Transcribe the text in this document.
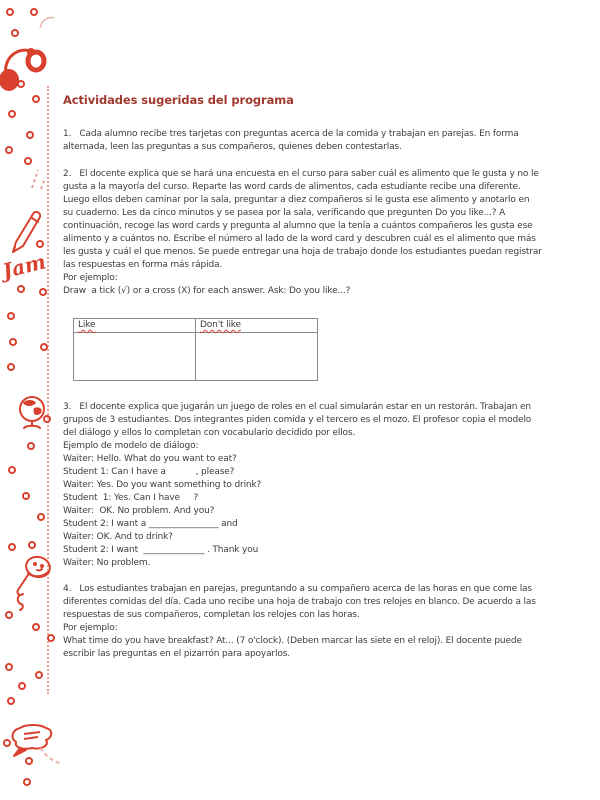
Jam
Actividades sugeridas del programa

1.   Cada alumno recibe tres tarjetas con preguntas acerca de la comida y trabajan en parejas. En forma alternada, leen las preguntas a sus compañeros, quienes deben contestarlas.

2.   El docente explica que se hará una encuesta en el curso para saber cuál es alimento que le gusta y no le gusta a la mayoría del curso. Reparte las word cards de alimentos, cada estudiante recibe una diferente. Luego ellos deben caminar por la sala, preguntar a diez compañeros si le gusta ese alimento y anotarlo en su cuaderno. Les da cinco minutos y se pasea por la sala, verificando que pregunten Do you like...? A continuación, recoge las word cards y pregunta al alumno que la tenía a cuántos compañeros les gusta ese alimento y a cuántos no. Escribe el número al lado de la word card y descubren cuál es el alimento que más les gusta y cuál el que menos. Se puede entregar una hoja de trabajo donde los estudiantes puedan registrar las respuestas en forma más rápida.

Por ejemplo:
Draw  a tick (√) or a cross (X) for each answer. Ask: Do you like...?
Like	Don't like

3.   El docente explica que jugarán un juego de roles en el cual simularán estar en un restorán. Trabajan en grupos de 3 estudiantes. Dos integrantes piden comida y el tercero es el mozo. El profesor copia el modelo del diálogo y ellos lo completan con vocabulario decidido por ellos.

Ejemplo de modelo de diálogo:
Waiter: Hello. What do you want to eat?
Student 1: Can I have a           , please?
Waiter: Yes. Do you want something to drink?
Student  1: Yes. Can I have     ?
Waiter:  OK. No problem. And you?
Student 2: I want a ________________ and
Waiter: OK. And to drink?
Student 2: I want  ______________ . Thank you
Waiter: No problem.

4.   Los estudiantes trabajan en parejas, preguntando a su compañero acerca de las horas en que come las diferentes comidas del día. Cada uno recibe una hoja de trabajo con tres relojes en blanco. De acuerdo a las respuestas de sus compañeros, completan los relojes con las horas.

Por ejemplo:
What time do you have breakfast? At... (7 o'clock). (Deben marcar las siete en el reloj). El docente puede escribir las preguntas en el pizarrón para apoyarlos.
